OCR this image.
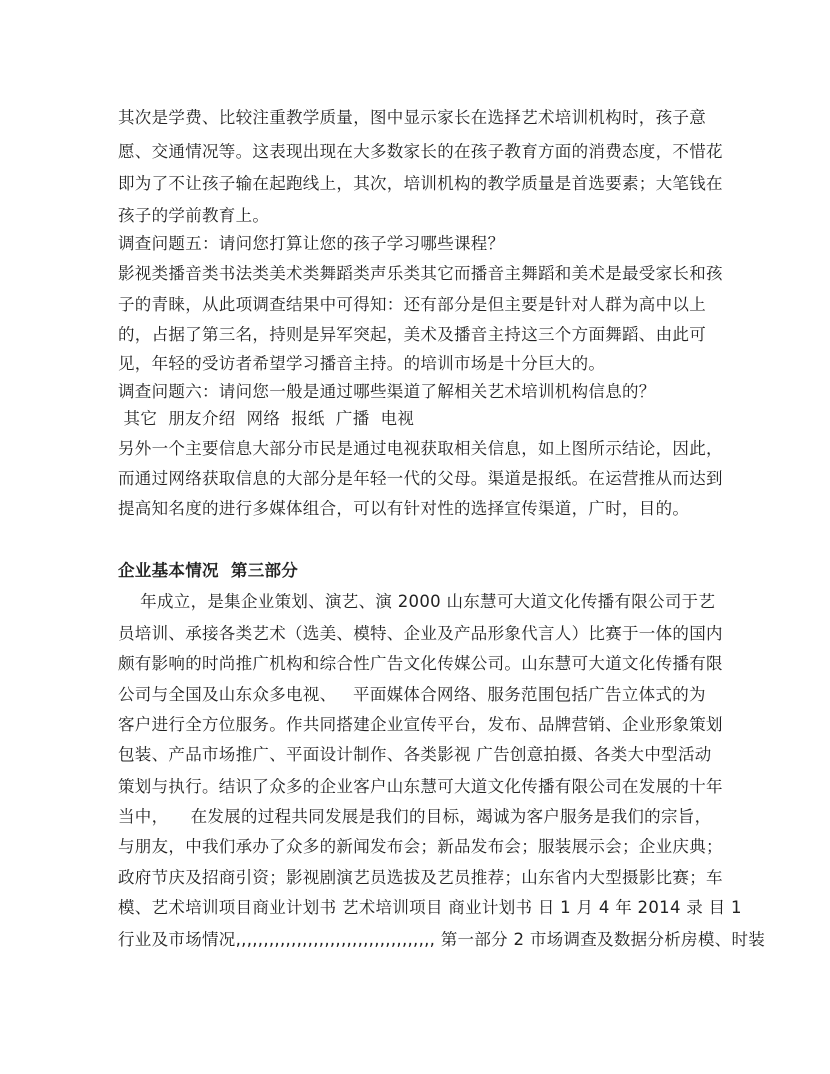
其次是学费、比较注重教学质量，图中显示家长在选择艺术培训机构时，孩子意
愿、交通情况等。这表现出现在大多数家长的在孩子教育方面的消费态度，不惜花
即为了不让孩子输在起跑线上，其次，培训机构的教学质量是首选要素；大笔钱在
孩子的学前教育上。
调查问题五：请问您打算让您的孩子学习哪些课程？
影视类播音类书法类美术类舞蹈类声乐类其它而播音主舞蹈和美术是最受家长和孩
子的青睐，从此项调查结果中可得知：还有部分是但主要是针对人群为高中以上
的，占据了第三名，持则是异军突起，美术及播音主持这三个方面舞蹈、由此可
见，年轻的受访者希望学习播音主持。的培训市场是十分巨大的。
调查问题六：请问您一般是通过哪些渠道了解相关艺术培训机构信息的？
其它  朋友介绍  网络  报纸  广播  电视
另外一个主要信息大部分市民是通过电视获取相关信息，如上图所示结论，因此，
而通过网络获取信息的大部分是年轻一代的父母。渠道是报纸。在运营推从而达到
提高知名度的进行多媒体组合，可以有针对性的选择宣传渠道，广时，目的。
企业基本情况  第三部分
年成立，是集企业策划、演艺、演 2000 山东慧可大道文化传播有限公司于艺
员培训、承接各类艺术（选美、模特、企业及产品形象代言人）比赛于一体的国内
颇有影响的时尚推广机构和综合性广告文化传媒公司。山东慧可大道文化传播有限
公司与全国及山东众多电视、   平面媒体合网络、服务范围包括广告立体式的为
客户进行全方位服务。作共同搭建企业宣传平台，发布、品牌营销、企业形象策划
包装、产品市场推广、平面设计制作、各类影视 广告创意拍摄、各类大中型活动
策划与执行。结识了众多的企业客户山东慧可大道文化传播有限公司在发展的十年
当中，    在发展的过程共同发展是我们的目标，竭诚为客户服务是我们的宗旨，
与朋友，中我们承办了众多的新闻发布会；新品发布会；服装展示会；企业庆典；
政府节庆及招商引资；影视剧演艺员选拔及艺员推荐；山东省内大型摄影比赛；车
模、艺术培训项目商业计划书 艺术培训项目 商业计划书 日 1 月 4 年 2014 录 目 1
行业及市场情况,,,,,,,,,,,,,,,,,,,,,,,,,,,,,,,,,,,, 第一部分 2 市场调查及数据分析房模、时装
